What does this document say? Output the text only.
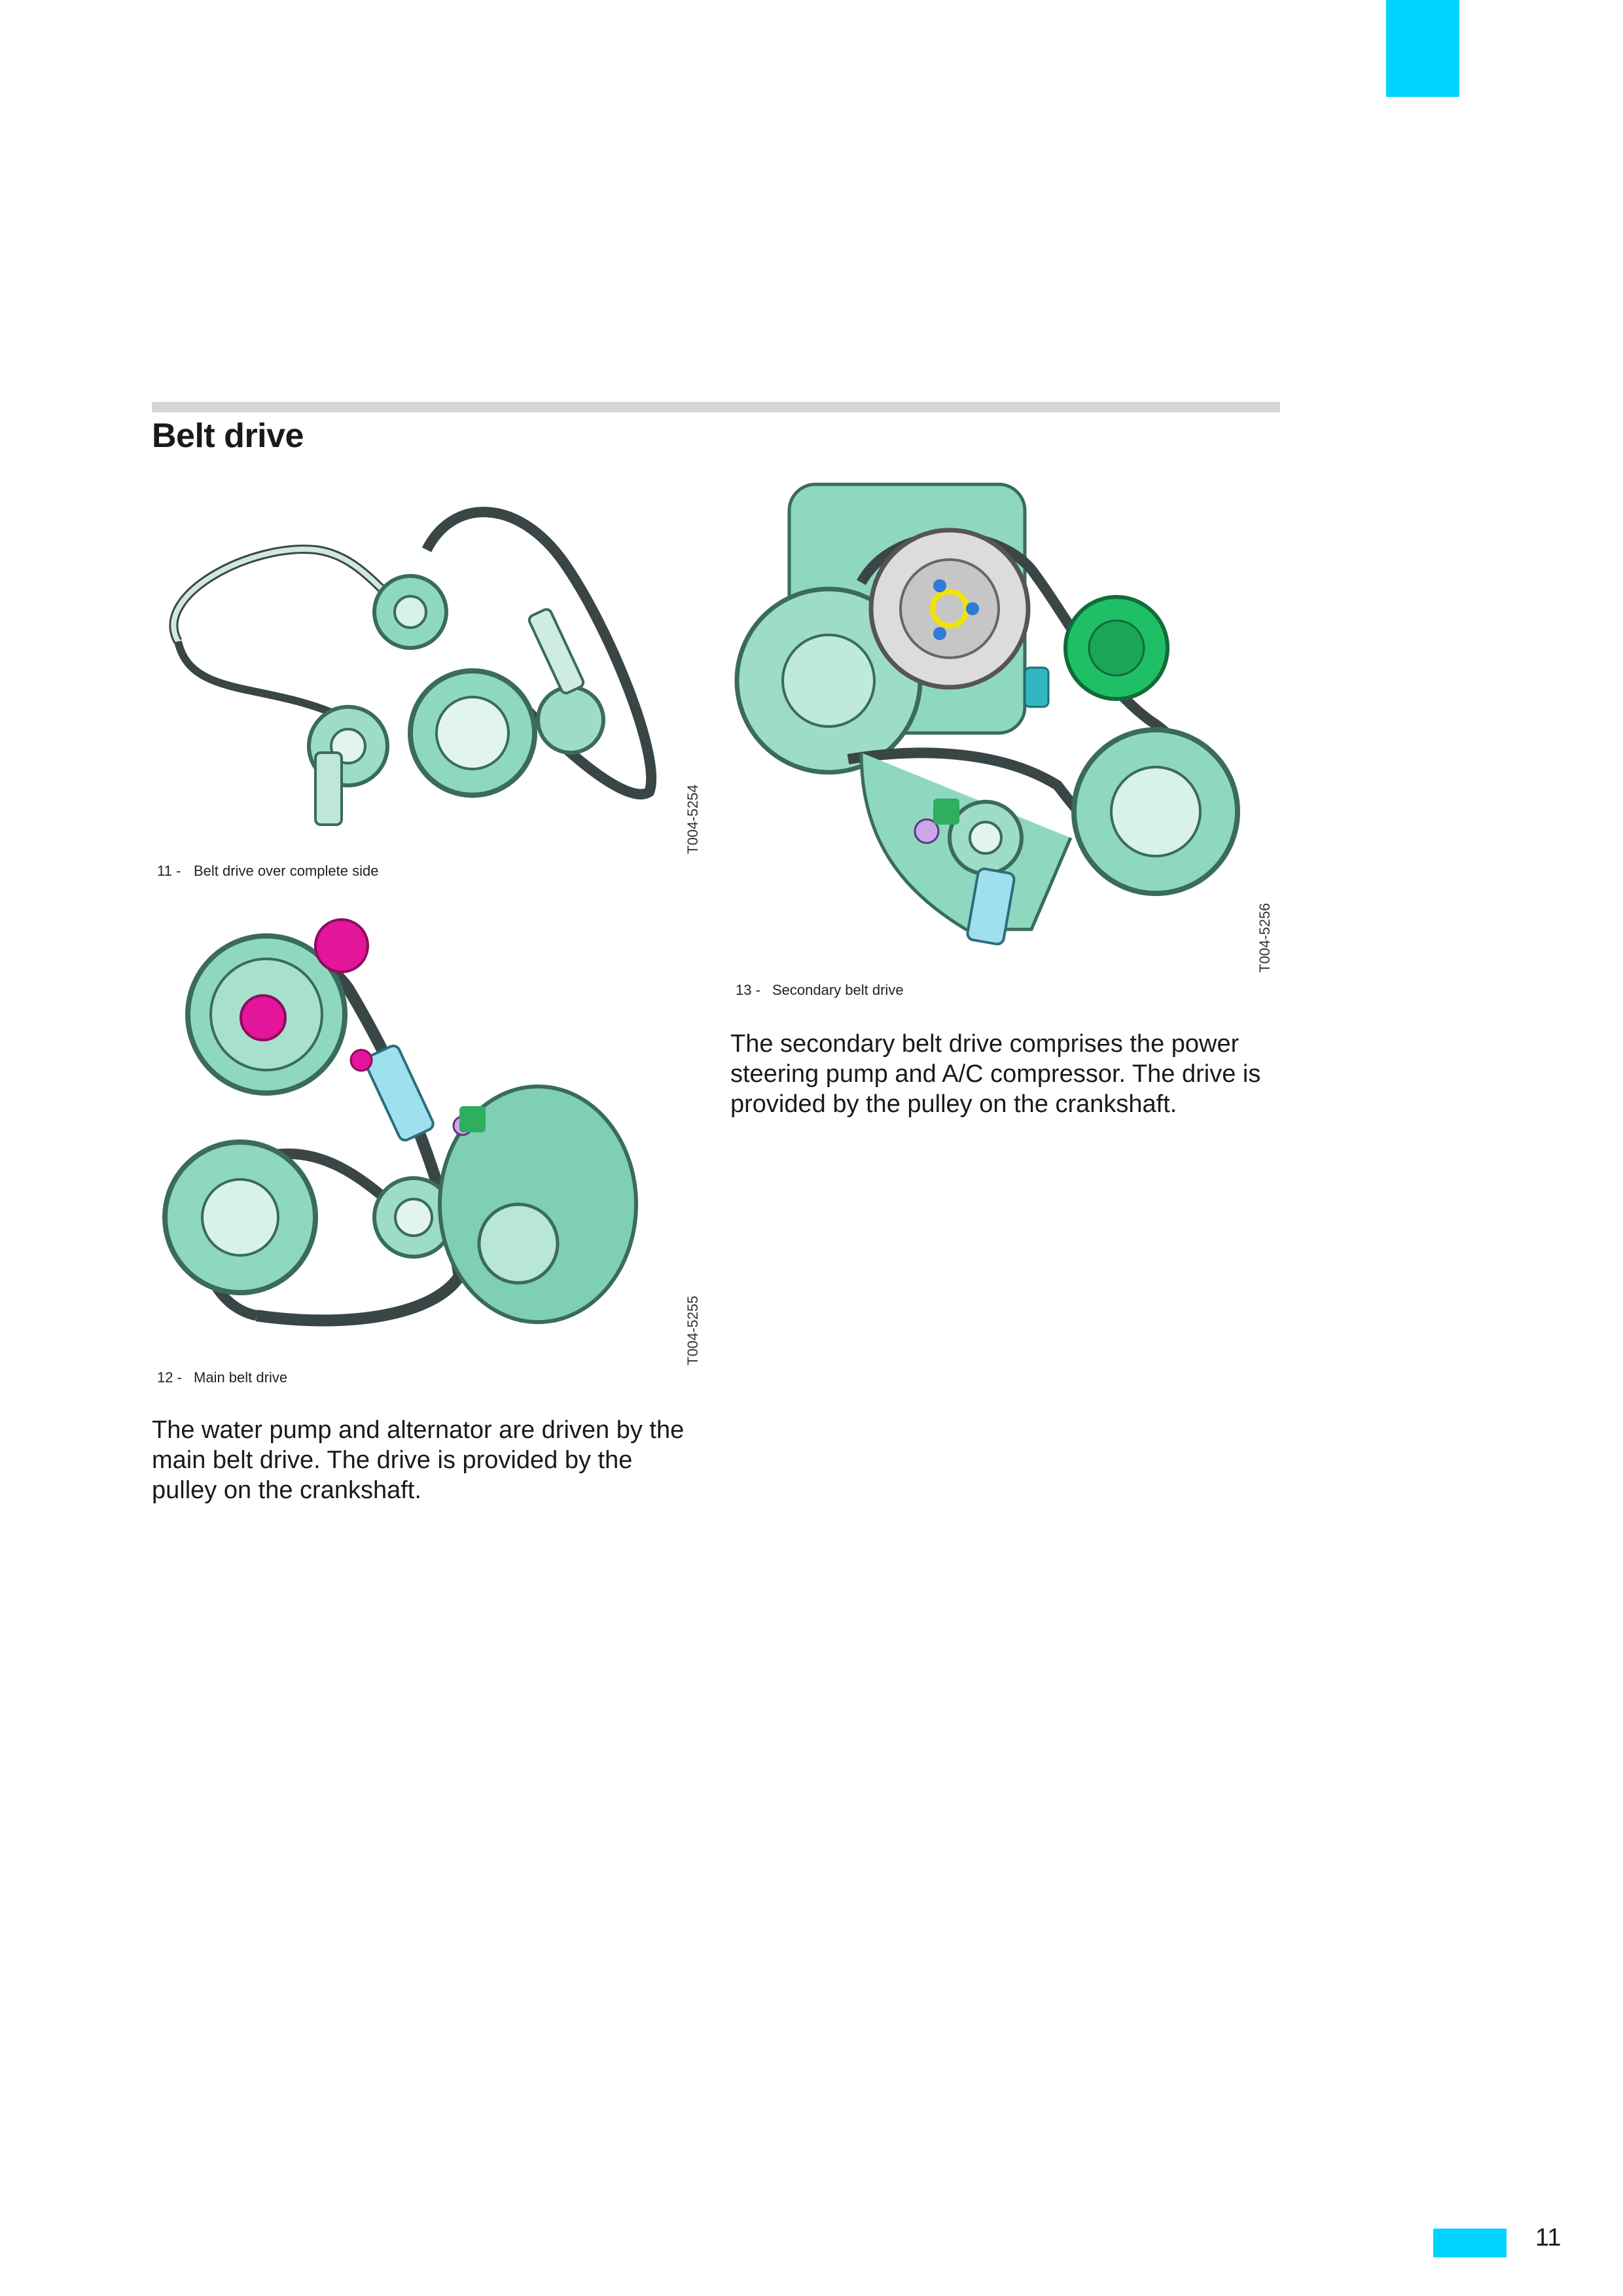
Belt drive
T004-5254
11 - Belt drive over complete side
T004-5255
12 - Main belt drive
The water pump and alternator are driven by the main belt drive. The drive is provided by the pulley on the crankshaft.
T004-5256
13 - Secondary belt drive
The secondary belt drive comprises the power steering pump and A/C compressor. The drive is provided by the pulley on the crankshaft.
11
